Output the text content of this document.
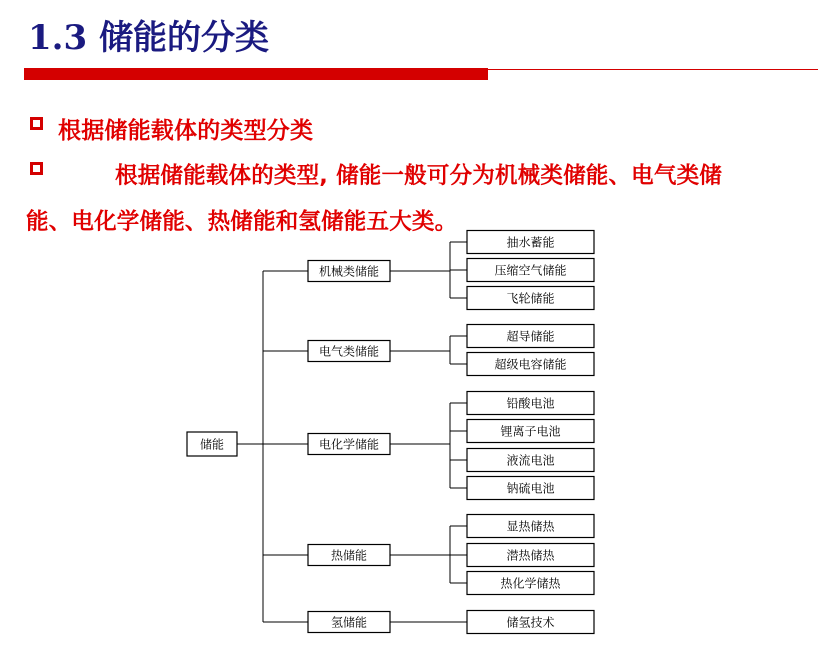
1.3 储能的分类
根据储能载体的类型分类
根据储能载体的类型, 储能一般可分为机械类储能、电气类储
能、电化学储能、热储能和氢储能五大类。
储能
机械类储能
抽水蓄能
压缩空气储能
飞轮储能
电气类储能
超导储能
超级电容储能
电化学储能
铅酸电池
锂离子电池
液流电池
钠硫电池
热储能
显热储热
潜热储热
热化学储热
氢储能	储氢技术
